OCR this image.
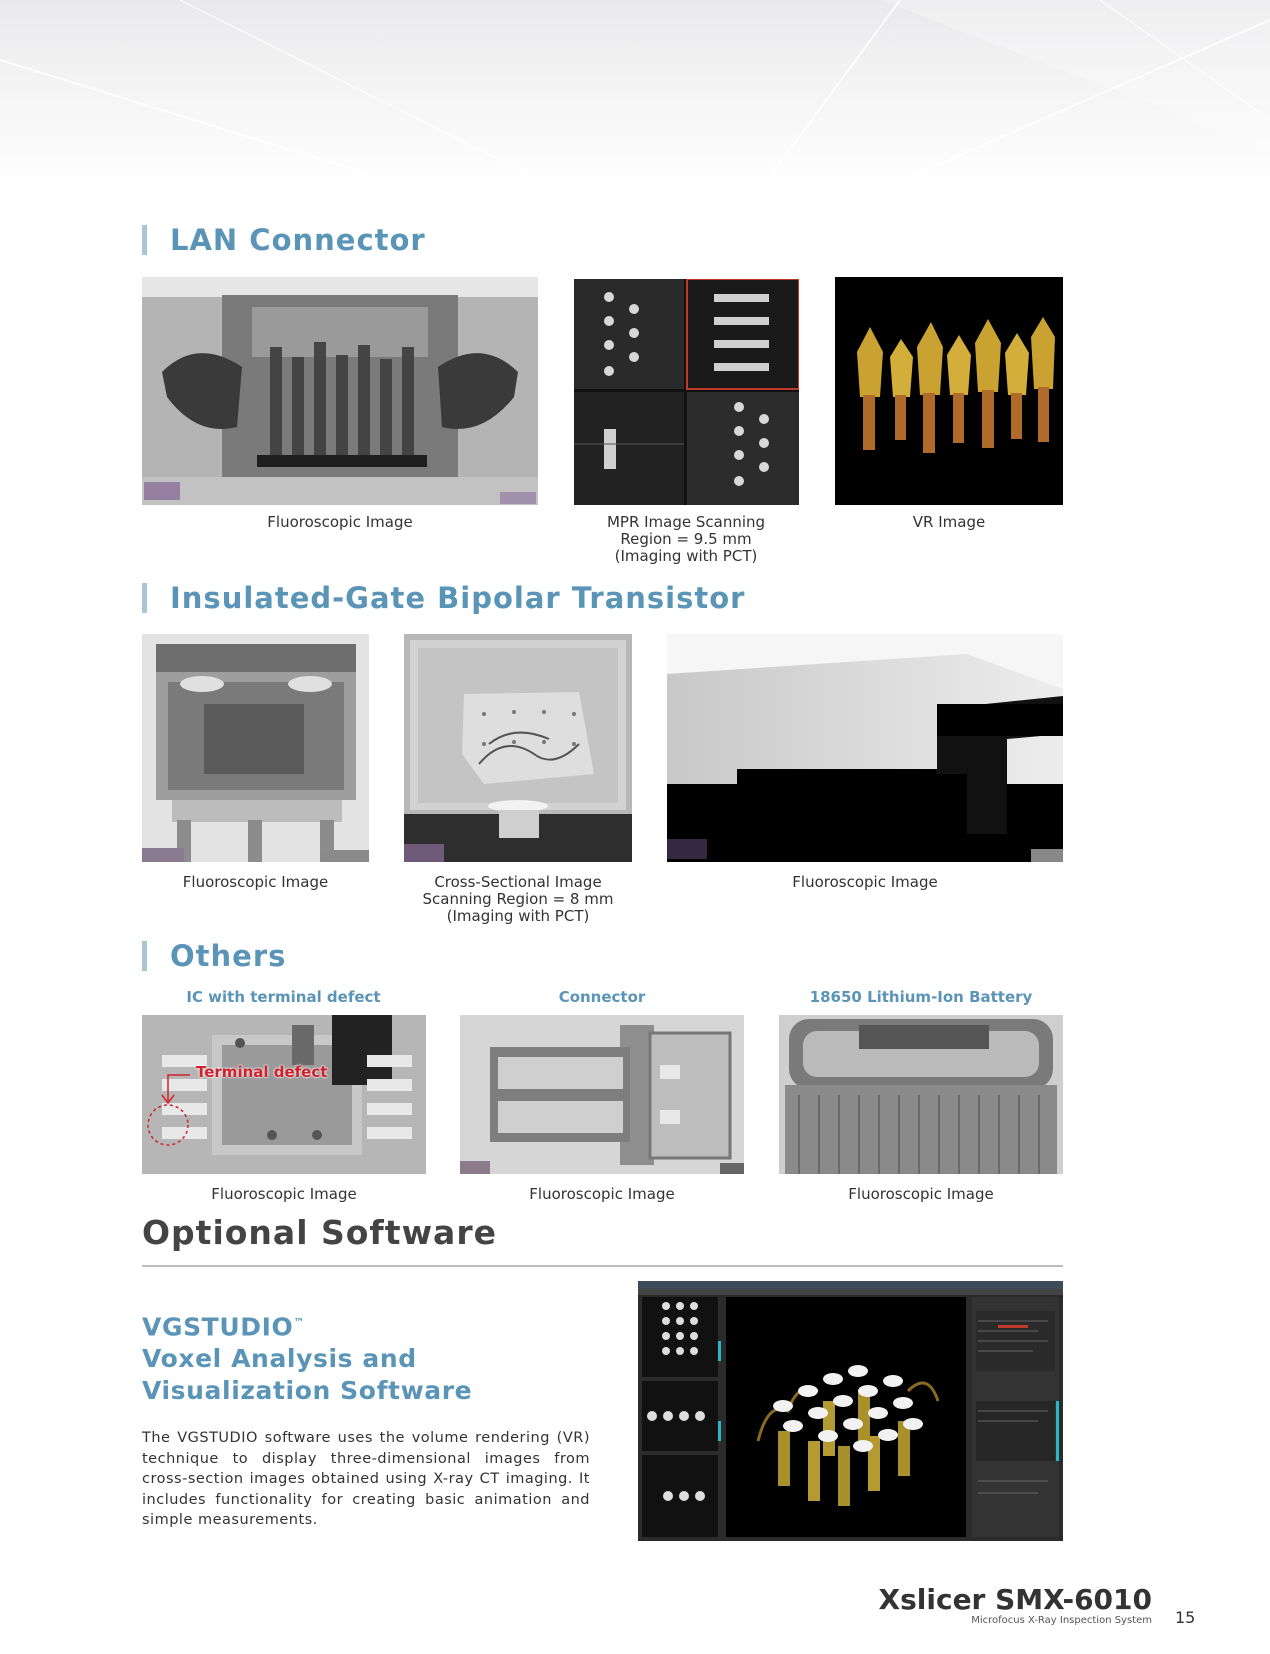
LAN Connector
Fluoroscopic Image	MPR Image Scanning
Region = 9.5 mm
(Imaging with PCT)
VR Image
Insulated-Gate Bipolar Transistor
Fluoroscopic Image	Cross-Sectional Image
Scanning Region = 8 mm
(Imaging with PCT)
Fluoroscopic Image
Others
IC with terminal defect	Connector	18650 Lithium-Ion Battery
Terminal defect
Fluoroscopic Image	Fluoroscopic Image	Fluoroscopic Image
Optional Software
VGSTUDIO™
Voxel Analysis and
Visualization Software
The VGSTUDIO software uses the volume rendering (VR) technique to display three-dimensional images from cross-section images obtained using X-ray CT imaging. It includes functionality for creating basic animation and simple measurements.
Xslicer SMX-6010
Microfocus X-Ray Inspection System 15
